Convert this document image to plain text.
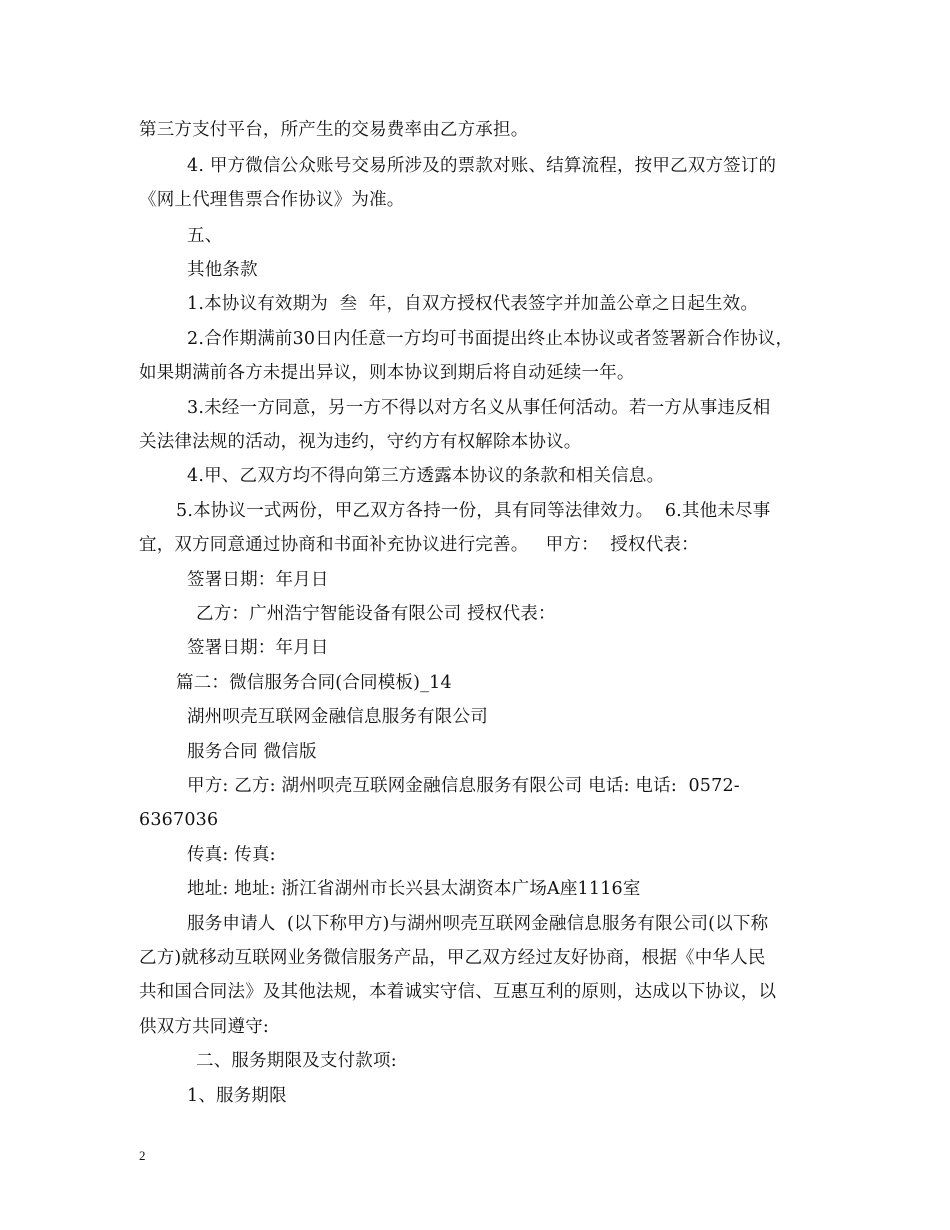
第三方支付平台，所产生的交易费率由乙方承担。
4. 甲方微信公众账号交易所涉及的票款对账、结算流程，按甲乙双方签订的
《网上代理售票合作协议》为准。
五、
其他条款
1.本协议有效期为  叁  年，自双方授权代表签字并加盖公章之日起生效。
2.合作期满前30日内任意一方均可书面提出终止本协议或者签署新合作协议，
如果期满前各方未提出异议，则本协议到期后将自动延续一年。
3.未经一方同意，另一方不得以对方名义从事任何活动。若一方从事违反相
关法律法规的活动，视为违约，守约方有权解除本协议。
4.甲、乙双方均不得向第三方透露本协议的条款和相关信息。
5.本协议一式两份，甲乙双方各持一份，具有同等法律效力。  6.其他未尽事
宜，双方同意通过协商和书面补充协议进行完善。   甲方：  授权代表：
签署日期：年月日
乙方：广州浩宁智能设备有限公司 授权代表：
签署日期：年月日
篇二：微信服务合同(合同模板)_14
湖州呗壳互联网金融信息服务有限公司
服务合同 微信版
甲方: 乙方: 湖州呗壳互联网金融信息服务有限公司 电话: 电话:  0572-
6367036
传真: 传真:
地址: 地址: 浙江省湖州市长兴县太湖资本广场A座1116室
服务申请人  (以下称甲方)与湖州呗壳互联网金融信息服务有限公司(以下称
乙方)就移动互联网业务微信服务产品，甲乙双方经过友好协商，根据《中华人民
共和国合同法》及其他法规，本着诚实守信、互惠互利的原则，达成以下协议，以
供双方共同遵守:
二、服务期限及支付款项:
1、服务期限
2
